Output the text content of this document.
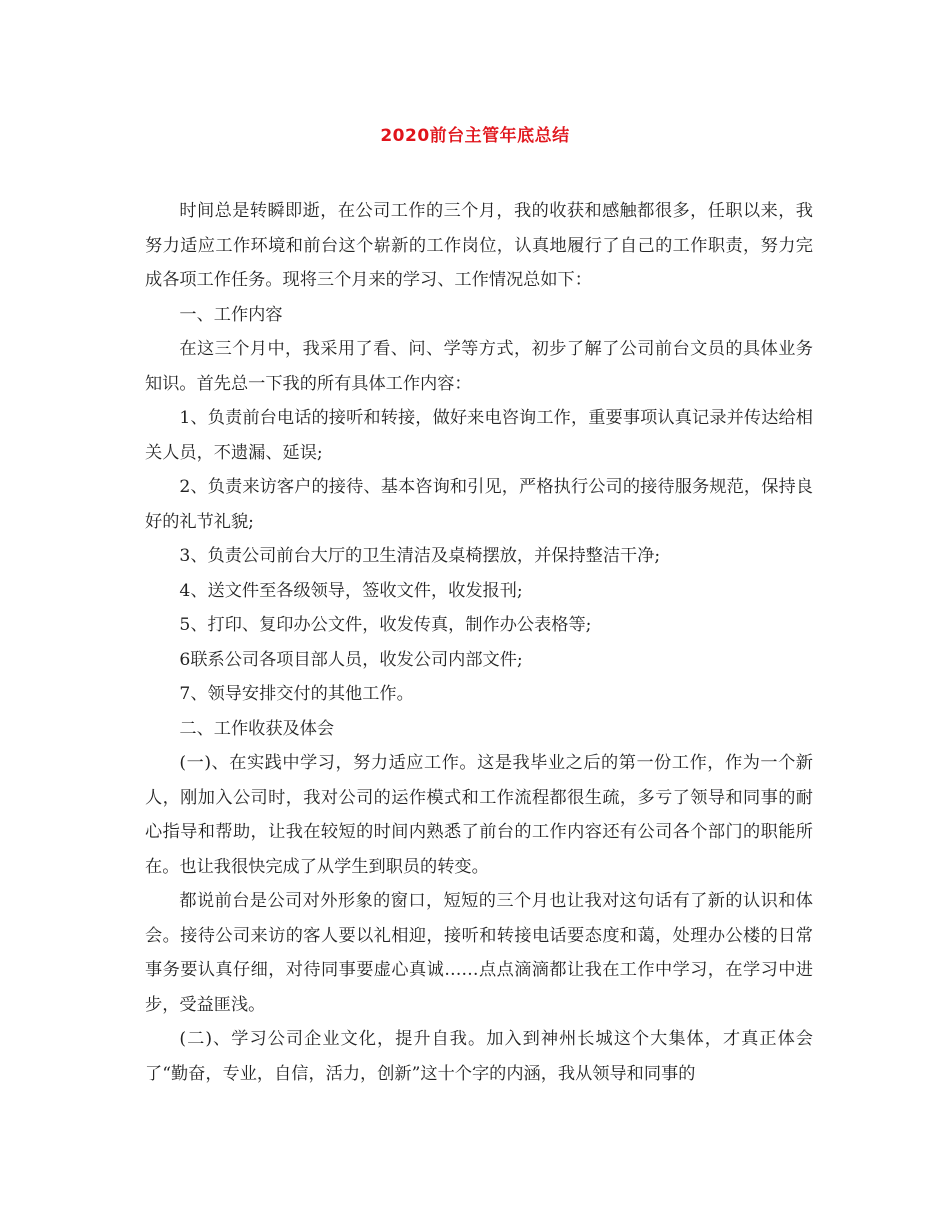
2020前台主管年底总结

时间总是转瞬即逝，在公司工作的三个月，我的收获和感触都很多，任职以来，我努力适应工作环境和前台这个崭新的工作岗位，认真地履行了自己的工作职责，努力完成各项工作任务。现将三个月来的学习、工作情况总如下：

一、工作内容

在这三个月中，我采用了看、问、学等方式，初步了解了公司前台文员的具体业务知识。首先总一下我的所有具体工作内容：

1、负责前台电话的接听和转接，做好来电咨询工作，重要事项认真记录并传达给相关人员，不遗漏、延误;

2、负责来访客户的接待、基本咨询和引见，严格执行公司的接待服务规范，保持良好的礼节礼貌;

3、负责公司前台大厅的卫生清洁及桌椅摆放，并保持整洁干净;

4、送文件至各级领导，签收文件，收发报刊;

5、打印、复印办公文件，收发传真，制作办公表格等;

6联系公司各项目部人员，收发公司内部文件;

7、领导安排交付的其他工作。

二、工作收获及体会

(一)、在实践中学习，努力适应工作。这是我毕业之后的第一份工作，作为一个新人，刚加入公司时，我对公司的运作模式和工作流程都很生疏，多亏了领导和同事的耐心指导和帮助，让我在较短的时间内熟悉了前台的工作内容还有公司各个部门的职能所在。也让我很快完成了从学生到职员的转变。

都说前台是公司对外形象的窗口，短短的三个月也让我对这句话有了新的认识和体会。接待公司来访的客人要以礼相迎，接听和转接电话要态度和蔼，处理办公楼的日常事务要认真仔细，对待同事要虚心真诚……点点滴滴都让我在工作中学习，在学习中进步，受益匪浅。

(二)、学习公司企业文化，提升自我。加入到神州长城这个大集体，才真正体会了“勤奋，专业，自信，活力，创新”这十个字的内涵，我从领导和同事的
